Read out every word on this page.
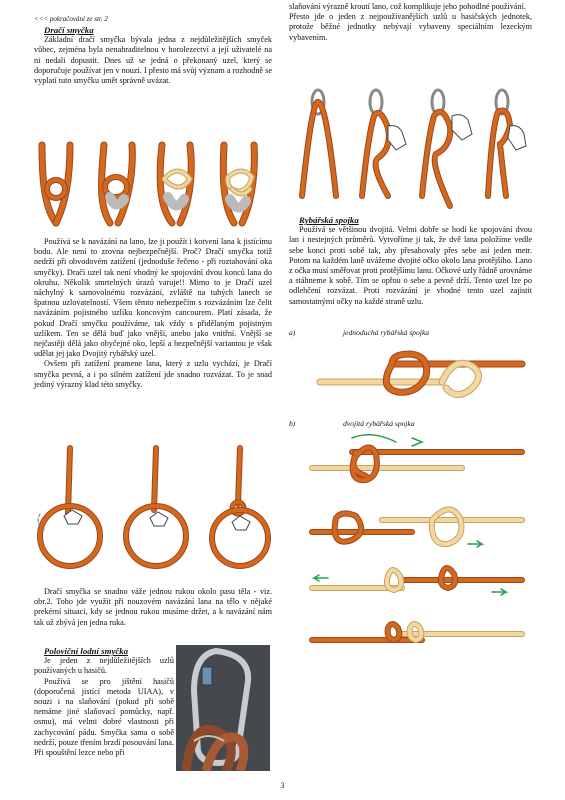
<<< pokračování ze str. 2

Dračí smyčka

Základní dračí smyčka bývala jedna z nejdůležitějších smyček vůbec, zejména byla nenahraditelnou v horolezectví a její uživatelé na ni nedali dopustit. Dnes už se jedná o překonaný uzel, který se doporučuje používat jen v nouzi. I přesto má svůj význam a rozhodně se vyplatí tuto smyčku umět správně uvázat.

Používá se k navázání na lano, lze ji použít i kotvení lana k jistícímu bodu. Ale není to zrovna nejbezpečnější. Proč? Dračí smyčka totiž nedrží při obvodovém zatížení (jednoduše řečeno - při roztahování oka smyčky). Dračí uzel tak není vhodný ke spojování dvou konců lana do okruhu. Několik smrtelných úrazů varuje!! Mimo to je Dračí uzel náchylný k samovolnému rozvázání, zvláště na tuhých lanech se špatnou uzlovatelností. Všem těmto nebezpečím s rozvázáním lze čelit navázáním pojistného uzlíku koncovým cancourem. Platí zásada, že pokud Dračí smyčku používáme, tak vždy s přidělaným pojistným uzlíkem. Ten se dělá buď jako vnější, anebo jako vnitřní. Vnější se nejčastěji dělá jako obyčejné oko, lepší a bezpečnější variantou je však udělat jej jako Dvojitý rybářský uzel.

Ovšem při zatížení pramene lana, který z uzlu vychází, je Dračí smyčka pevná, a i po silném zatížení jde snadno rozvázat. To je snad jediný výrazný klad této smyčky.

Dračí smyčka se snadno váže jednou rukou okolo pasu těla - viz. obr.2. Toho jde využít při nouzovém navázání lana na tělo v nějaké prekérní situaci, kdy se jednou rukou musíme držet, a k navázání nám tak už zbývá jen jedna ruka.

Poloviční lodní smyčka

Je jeden z nejdůležitějších uzlů používaných u hasičů.

Používá se pro jištění hasičů (doporučená jistící metoda UIAA), v nouzi i na slaňování (pokud při sobě nemáme jiné slaňovací pomůcky, např. osmu), má velmi dobré vlastnosti při zachycování pádu. Smyčka sama o sobě nedrží, pouze třením brzdí posouvání lana. Při spouštění lezce nebo při

slaňování výrazně kroutí lano, což komplikuje jeho pohodlné používání.

Přesto jde o jeden z nejpoužívanějších uzlů u hasičských jednotek, protože běžné jednotky nebývají vybaveny speciálním lezeckým vybavením.

Rybářská spojka

Používá se většinou dvojitá. Velmi dobře se hodí ke spojování dvou lan i nestejných průměrů. Vytvoříme ji tak, že dvě lana položíme vedle sebe konci proti sobě tak, aby přesahovaly přes sebe asi jeden metr. Potom na každém laně uvážeme dvojité očko okolo lana protějšího. Lano z očka musí směřovat proti protějšímu lanu. Očkové uzly řádně urovnáme a stáhneme k sobě. Tím se opřou o sebe a pevně drží. Tento uzel lze po odlehčení rozvázat. Proti rozvázání je vhodné tento uzel zajistit samostatnými očky na každé straně uzlu.

a)	jednoduchá rybářská spojka
b)	dvojitá rybářská spojka
3
